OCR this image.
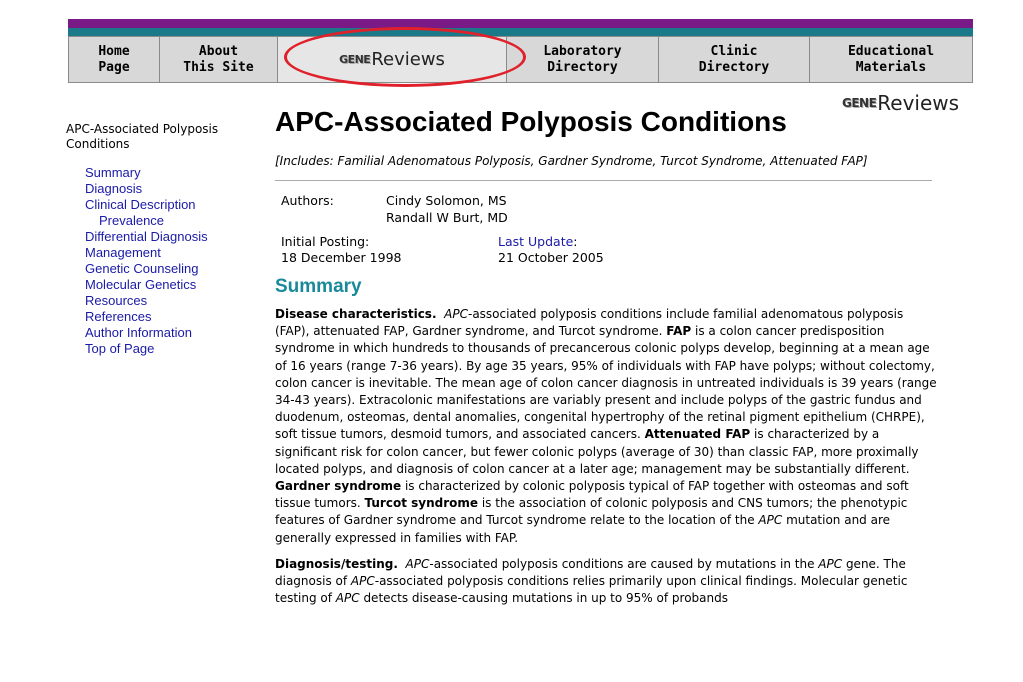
Home
Page
About
This Site
GENE Reviews	Laboratory
Directory
Clinic
Directory
Educational
Materials
GENE Reviews
APC-Associated Polyposis Conditions
Summary
Diagnosis
Clinical Description
Prevalence
Differential Diagnosis
Management
Genetic Counseling
Molecular Genetics
Resources
References
Author Information
Top of Page
APC-Associated Polyposis Conditions

[Includes: Familial Adenomatous Polyposis, Gardner Syndrome, Turcot Syndrome, Attenuated FAP]

Authors:	Cindy Solomon, MS
Randall W Burt, MD
Initial Posting:
18 December 1998
Last Update:
21 October 2005
Summary

Disease characteristics. APC-associated polyposis conditions include familial adenomatous polyposis (FAP), attenuated FAP, Gardner syndrome, and Turcot syndrome. FAP is a colon cancer predisposition syndrome in which hundreds to thousands of precancerous colonic polyps develop, beginning at a mean age of 16 years (range 7-36 years). By age 35 years, 95% of individuals with FAP have polyps; without colectomy, colon cancer is inevitable. The mean age of colon cancer diagnosis in untreated individuals is 39 years (range 34-43 years). Extracolonic manifestations are variably present and include polyps of the gastric fundus and duodenum, osteomas, dental anomalies, congenital hypertrophy of the retinal pigment epithelium (CHRPE), soft tissue tumors, desmoid tumors, and associated cancers. Attenuated FAP is characterized by a significant risk for colon cancer, but fewer colonic polyps (average of 30) than classic FAP, more proximally located polyps, and diagnosis of colon cancer at a later age; management may be substantially different. Gardner syndrome is characterized by colonic polyposis typical of FAP together with osteomas and soft tissue tumors. Turcot syndrome is the association of colonic polyposis and CNS tumors; the phenotypic features of Gardner syndrome and Turcot syndrome relate to the location of the APC mutation and are generally expressed in families with FAP.

Diagnosis/testing. APC-associated polyposis conditions are caused by mutations in the APC gene. The diagnosis of APC-associated polyposis conditions relies primarily upon clinical findings. Molecular genetic testing of APC detects disease-causing mutations in up to 95% of probands
